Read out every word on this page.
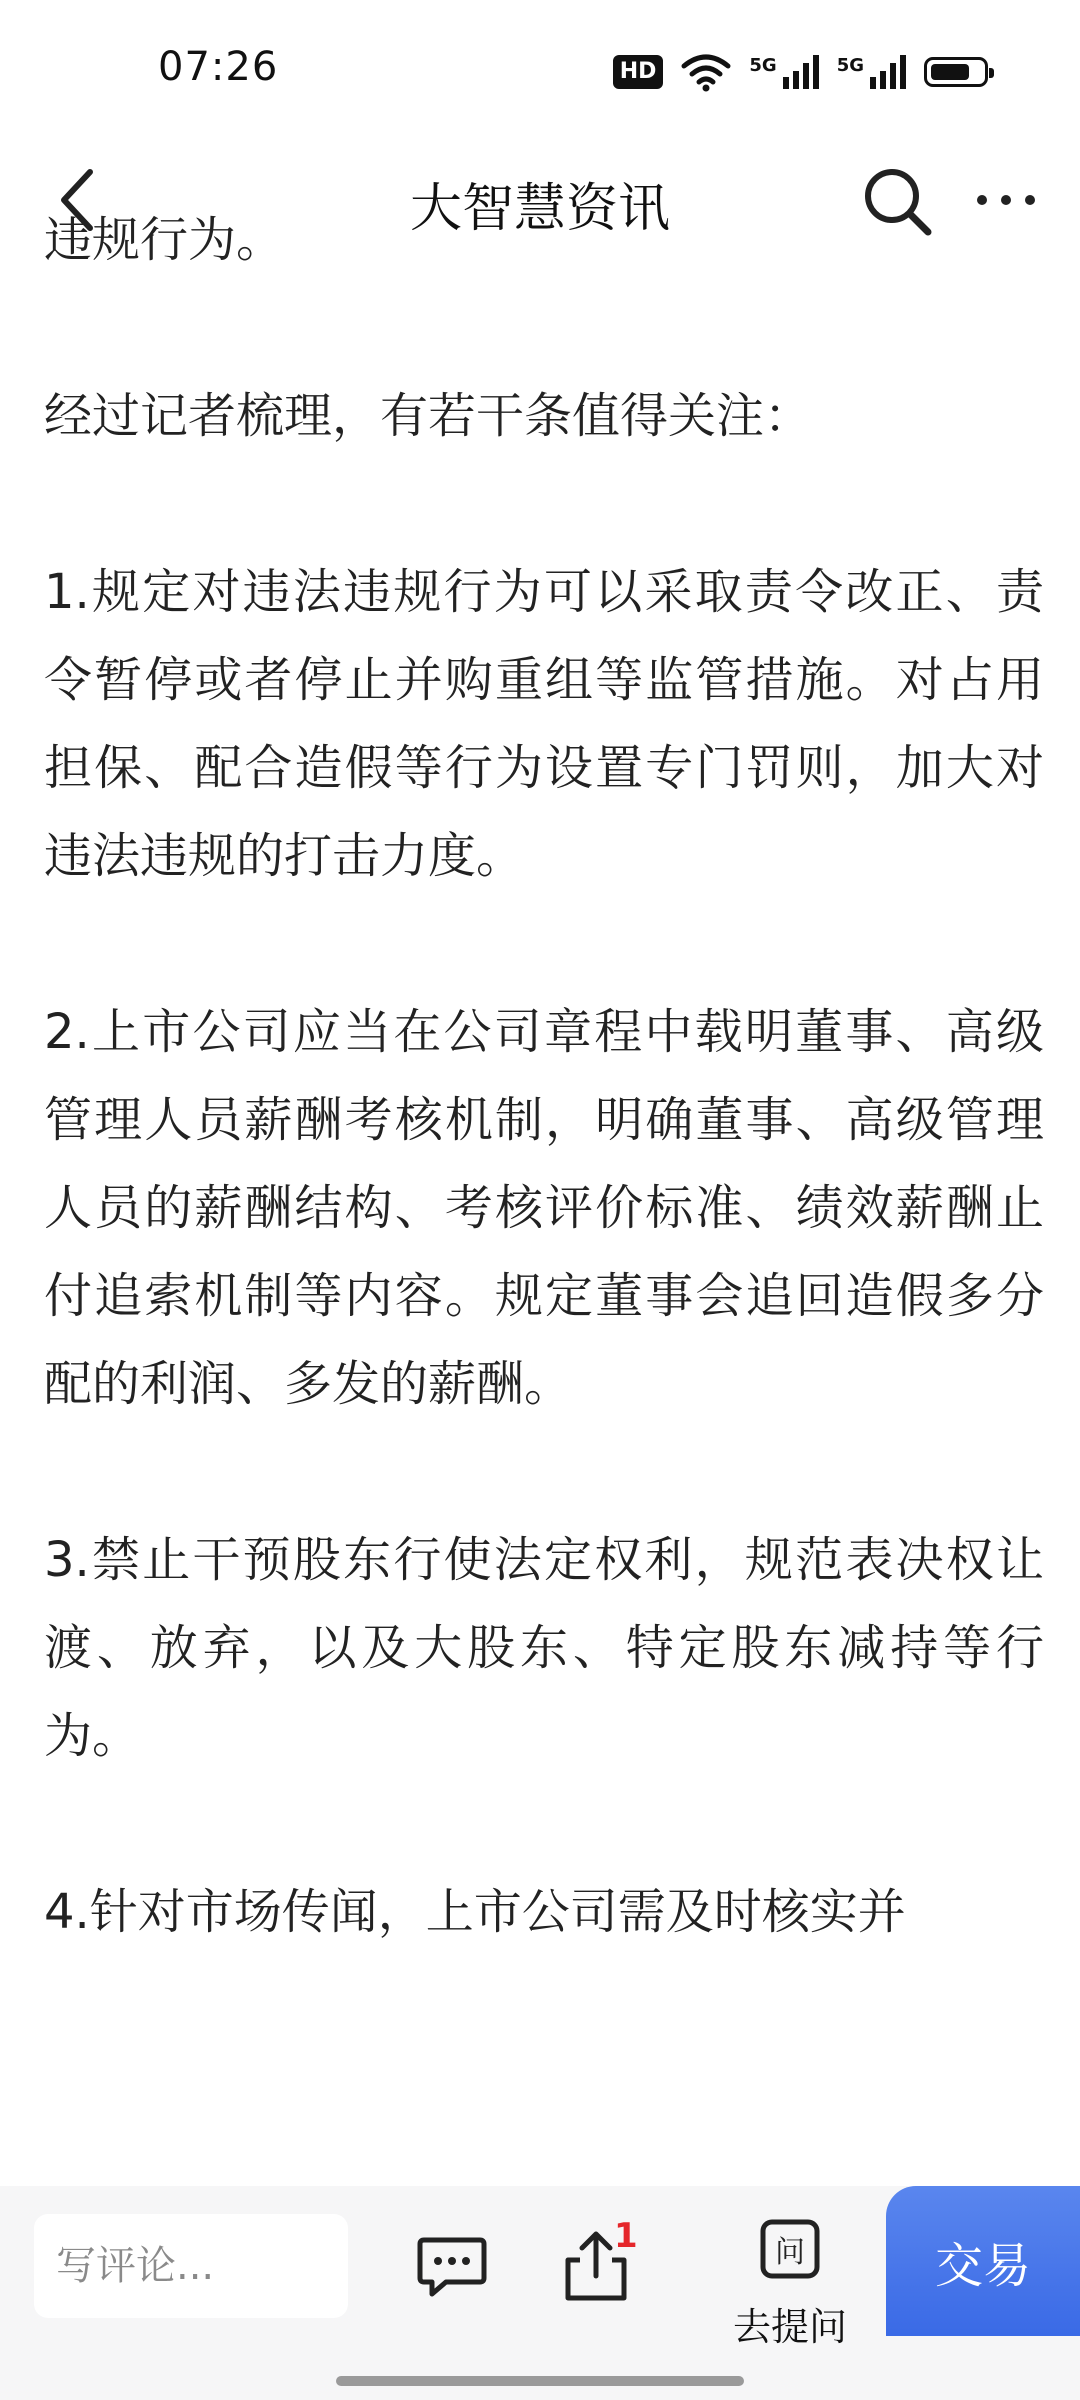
07:26	HD	5G	5G
大智慧资讯

违规行为。

经过记者梳理，有若干条值得关注：

1.规定对违法违规行为可以采取责令改正、责令暂停或者停止并购重组等监管措施。对占用担保、配合造假等行为设置专门罚则，加大对违法违规的打击力度。

2.上市公司应当在公司章程中载明董事、高级管理人员薪酬考核机制，明确董事、高级管理人员的薪酬结构、考核评价标准、绩效薪酬止付追索机制等内容。规定董事会追回造假多分配的利润、多发的薪酬。

3.禁止干预股东行使法定权利，规范表决权让渡、放弃，以及大股东、特定股东减持等行为。

4.针对市场传闻，上市公司需及时核实并

写评论...
1	问
去提问
交易
